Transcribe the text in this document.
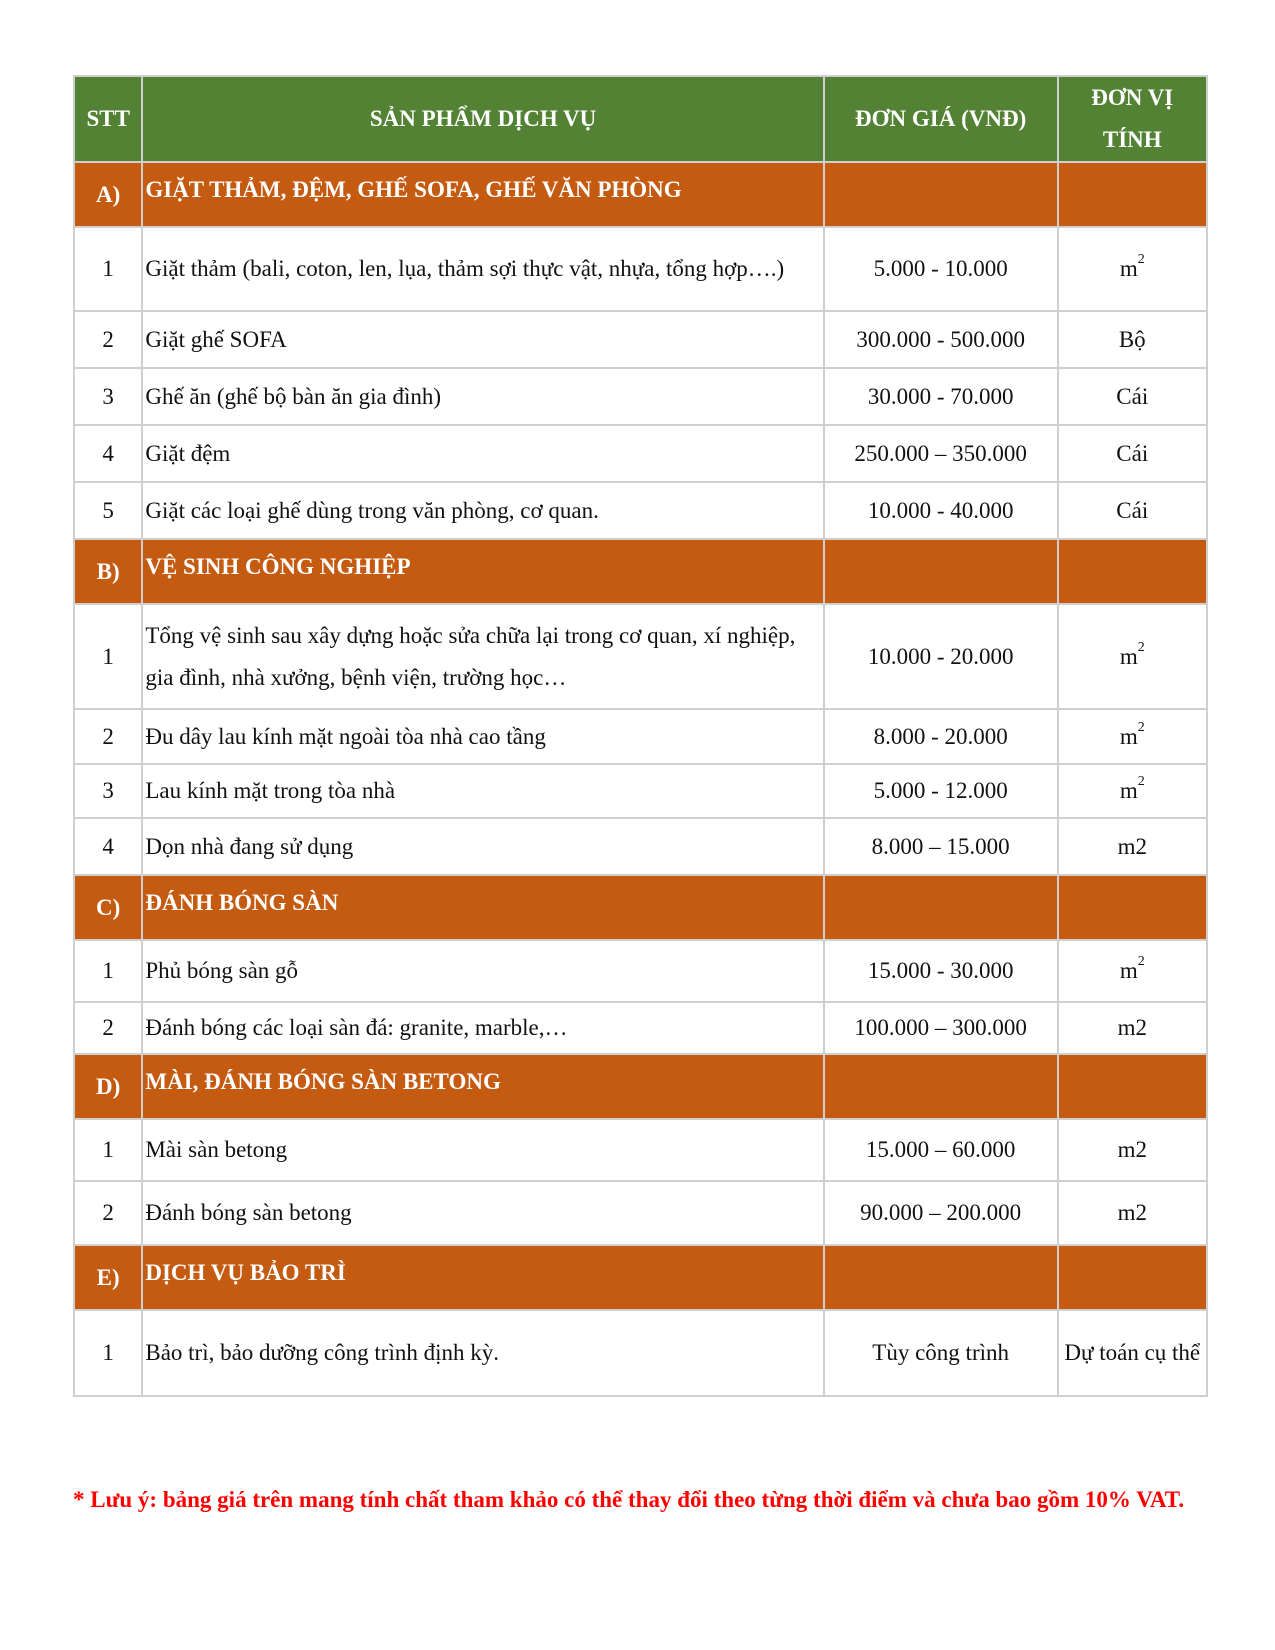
STT	SẢN PHẨM DỊCH VỤ	ĐƠN GIÁ (VNĐ)	ĐƠN VỊ TÍNH
A)	GIẶT THẢM, ĐỆM, GHẾ SOFA, GHẾ VĂN PHÒNG		
1	Giặt thảm (bali, coton, len, lụa, thảm sợi thực vật, nhựa, tổng hợp….)	5.000 - 10.000	$m^2$
2	Giặt ghế SOFA	300.000 - 500.000	Bộ
3	Ghế ăn (ghế bộ bàn ăn gia đình)	30.000 - 70.000	Cái
4	Giặt đệm	250.000 – 350.000	Cái
5	Giặt các loại ghế dùng trong văn phòng, cơ quan.	10.000 - 40.000	Cái
B)	VỆ SINH CÔNG NGHIỆP		
1	Tổng vệ sinh sau xây dựng hoặc sửa chữa lại trong cơ quan, xí nghiệp, gia đình, nhà xưởng, bệnh viện, trường học…	10.000 - 20.000	$m^2$
2	Đu dây lau kính mặt ngoài tòa nhà cao tầng	8.000 - 20.000	$m^2$
3	Lau kính mặt trong tòa nhà	5.000 - 12.000	$m^2$
4	Dọn nhà đang sử dụng	8.000 – 15.000	m2
C)	ĐÁNH BÓNG SÀN		
1	Phủ bóng sàn gỗ	15.000 - 30.000	$m^2$
2	Đánh bóng các loại sàn đá: granite, marble,…	100.000 – 300.000	m2
D)	MÀI, ĐÁNH BÓNG SÀN BETONG		
1	Mài sàn betong	15.000 – 60.000	m2
2	Đánh bóng sàn betong	90.000 – 200.000	m2
E)	DỊCH VỤ BẢO TRÌ		
1	Bảo trì, bảo dưỡng công trình định kỳ.	Tùy công trình	Dự toán cụ thể

* Lưu ý: bảng giá trên mang tính chất tham khảo có thể thay đổi theo từng thời điểm và chưa bao gồm 10% VAT.
